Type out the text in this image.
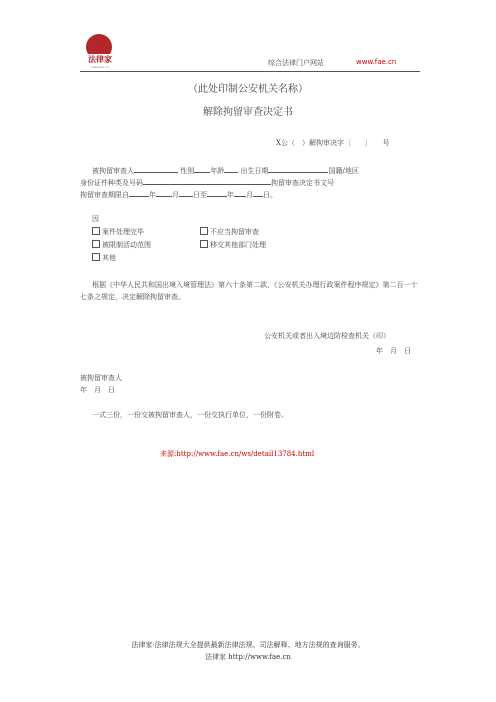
法律家
www.fae.cn	综合法律门户网站	www.fae.cn
（此处印制公安机关名称）
解除拘留审查决定书
X公（　）解拘审决字〔　　〕　　号
被拘留审查人	性别 年龄 出生日期	国籍/地区
身份证件种类及号码	拘留审查决定书文号
拘留审查期限自	年 月 日至	年 月 日。
因
案件处理完毕	不应当拘留审查
被限制活动范围	移交其他部门处理
其他
根据《中华人民共和国出境入境管理法》第六十条第二款、《公安机关办理行政案件程序规定》第二百一十七条之规定，决定解除拘留审查。
公安机关或者出入境边防检查机关（印）
年　月　日
被拘留审查人
年　月　日
一式三份，一份交被拘留审查人，一份交执行单位，一份附卷。
来源:http://www.fae.cn/ws/detail13784.html
法律家·法律法规大全提供最新法律法规、司法解释、地方法规的查询服务。
法律家 http://www.fae.cn
